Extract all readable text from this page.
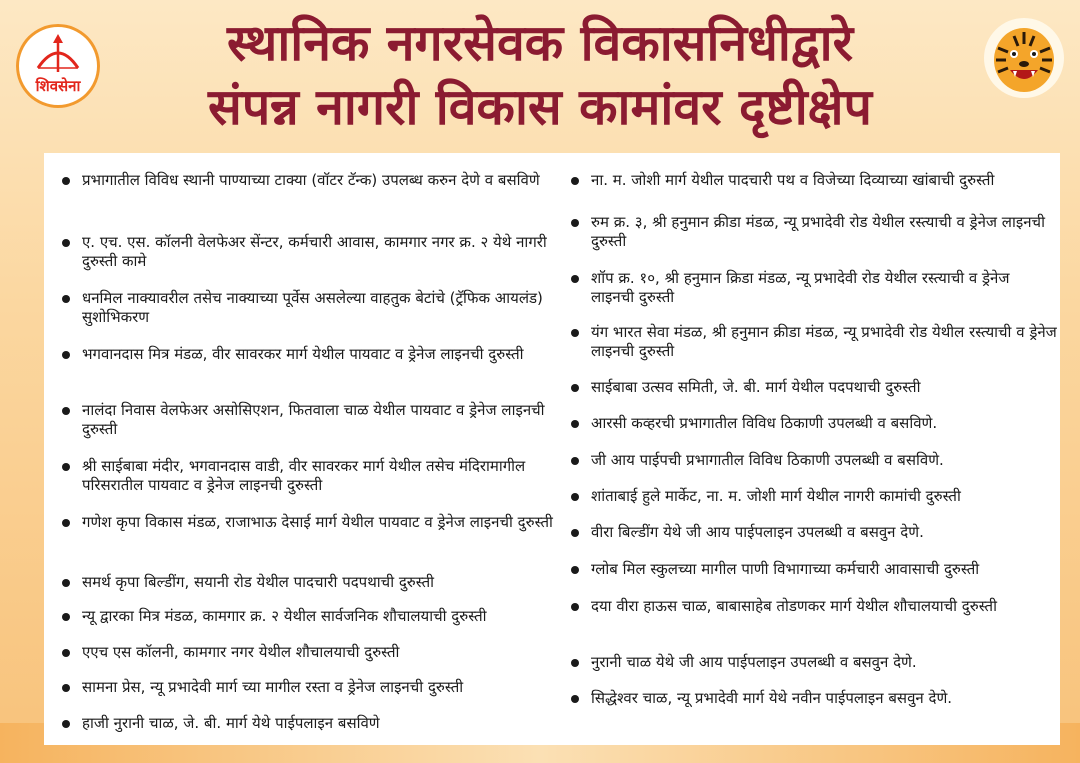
शिवसेना
स्थानिक नगरसेवक विकासनिधीद्वारे
संपन्न नागरी विकास कामांवर दृष्टीक्षेप
प्रभागातील विविध स्थानी पाण्याच्या टाक्या (वॉटर टॅन्क) उपलब्ध करुन देणे व बसविणे
ए. एच. एस. कॉलनी वेलफेअर सेंन्टर, कर्मचारी आवास, कामगार नगर क्र. २ येथे नागरी दुरुस्ती कामे
धनमिल नाक्यावरील तसेच नाक्याच्या पूर्वेस असलेल्या वाहतुक बेटांचे (ट्रॅफिक आयलंड) सुशोभिकरण
भगवानदास मित्र मंडळ, वीर सावरकर मार्ग येथील पायवाट व ड्रेनेज लाइनची दुरुस्ती
नालंदा निवास वेलफेअर असोसिएशन, फितवाला चाळ येथील पायवाट व ड्रेनेज लाइनची दुरुस्ती
श्री साईबाबा मंदीर, भगवानदास वाडी, वीर सावरकर मार्ग येथील तसेच मंदिरामागील परिसरातील पायवाट व ड्रेनेज लाइनची दुरुस्ती
गणेश कृपा विकास मंडळ, राजाभाऊ देसाई मार्ग येथील पायवाट व ड्रेनेज लाइनची दुरुस्ती
समर्थ कृपा बिल्डींग, सयानी रोड येथील पादचारी पदपथाची दुरुस्ती
न्यू द्वारका मित्र मंडळ, कामगार क्र. २ येथील सार्वजनिक शौचालयाची दुरुस्ती
एएच एस कॉलनी, कामगार नगर येथील शौचालयाची दुरुस्ती
सामना प्रेस, न्यू प्रभादेवी मार्ग च्या मागील रस्ता व ड्रेनेज लाइनची दुरुस्ती
हाजी नुरानी चाळ, जे. बी. मार्ग येथे पाईपलाइन बसविणे
ना. म. जोशी मार्ग येथील पादचारी पथ व विजेच्या दिव्याच्या खांबाची दुरुस्ती
रुम क्र. ३, श्री हनुमान क्रीडा मंडळ, न्यू प्रभादेवी रोड येथील रस्त्याची व ड्रेनेज लाइनची दुरुस्ती
शॉप क्र. १०, श्री हनुमान क्रिडा मंडळ, न्यू प्रभादेवी रोड येथील रस्त्याची व ड्रेनेज लाइनची दुरुस्ती
यंग भारत सेवा मंडळ, श्री हनुमान क्रीडा मंडळ, न्यू प्रभादेवी रोड येथील रस्त्याची व ड्रेनेज लाइनची दुरुस्ती
साईबाबा उत्सव समिती, जे. बी. मार्ग येथील पदपथाची दुरुस्ती
आरसी कव्हरची प्रभागातील विविध ठिकाणी उपलब्धी व बसविणे.
जी आय पाईपची प्रभागातील विविध ठिकाणी उपलब्धी व बसविणे.
शांताबाई हुले मार्केट, ना. म. जोशी मार्ग येथील नागरी कामांची दुरुस्ती
वीरा बिल्डींग येथे जी आय पाईपलाइन उपलब्धी व बसवुन देणे.
ग्लोब मिल स्कुलच्या मागील पाणी विभागाच्या कर्मचारी आवासाची दुरुस्ती
दया वीरा हाऊस चाळ, बाबासाहेब तोडणकर मार्ग येथील शौचालयाची दुरुस्ती
नुरानी चाळ येथे जी आय पाईपलाइन उपलब्धी व बसवुन देणे.
सिद्धेश्वर चाळ, न्यू प्रभादेवी मार्ग येथे नवीन पाईपलाइन बसवुन देणे.
